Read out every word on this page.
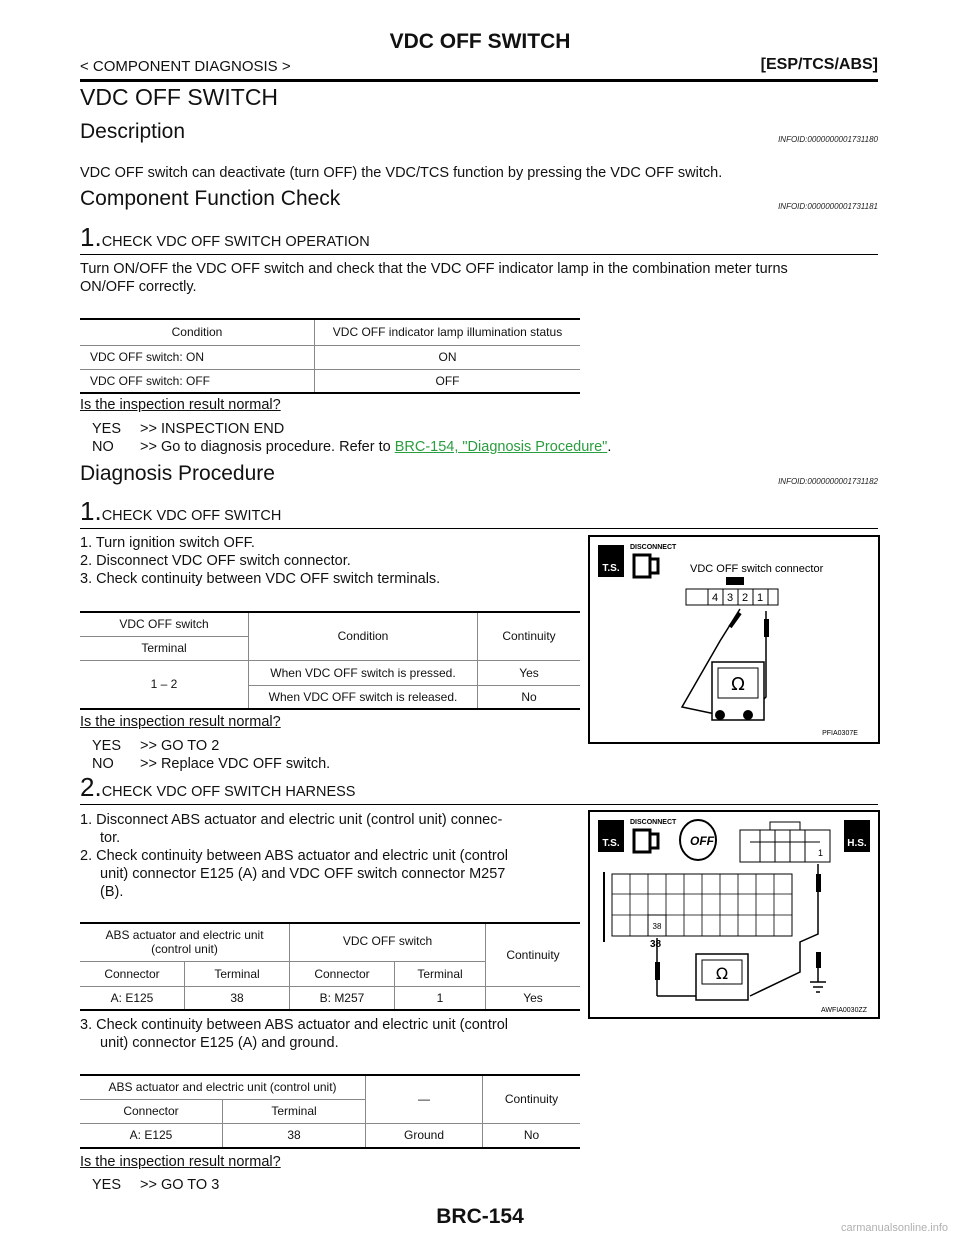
VDC OFF SWITCH
< COMPONENT DIAGNOSIS >	[ESP/TCS/ABS]
VDC OFF SWITCH
Description	INFOID:0000000001731180
VDC OFF switch can deactivate (turn OFF) the VDC/TCS function by pressing the VDC OFF switch.
Component Function Check	INFOID:0000000001731181
1.CHECK VDC OFF SWITCH OPERATION
Turn ON/OFF the VDC OFF switch and check that the VDC OFF indicator lamp in the combination meter turns
ON/OFF correctly.
Condition	VDC OFF indicator lamp illumination status
VDC OFF switch: ON	ON
VDC OFF switch: OFF	OFF
Is the inspection result normal?
YES >> INSPECTION END
NO >> Go to diagnosis procedure. Refer to BRC-154, "Diagnosis Procedure".
Diagnosis Procedure	INFOID:0000000001731182
1.CHECK VDC OFF SWITCH
1. Turn ignition switch OFF.
2. Disconnect VDC OFF switch connector.
3. Check continuity between VDC OFF switch terminals.
VDC OFF switch	Condition	Continuity
Terminal		
1 – 2	When VDC OFF switch is pressed.	Yes
	When VDC OFF switch is released.	No
Is the inspection result normal?
YES >> GO TO 2
NO >> Replace VDC OFF switch.
T.S.
DISCONNECT
VDC OFF switch connector
4 3 2 1
Ω
PFIA0307E
2.CHECK VDC OFF SWITCH HARNESS
1. Disconnect ABS actuator and electric unit (control unit) connec-
tor.
2. Check continuity between ABS actuator and electric unit (control
unit) connector E125 (A) and VDC OFF switch connector M257
(B).
ABS actuator and electric unit (control unit)		VDC OFF switch		Continuity
Connector	Terminal	Connector	Terminal	
A: E125	38	B: M257	1	Yes
3. Check continuity between ABS actuator and electric unit (control
unit) connector E125 (A) and ground.
ABS actuator and electric unit (control unit)		—	Continuity
Connector	Terminal		
A: E125	38	Ground	No
Is the inspection result normal?
YES >> GO TO 3
T.S.
DISCONNECT
OFF	H.S.
1
38
38
Ω
AWFIA0030ZZ
BRC-154	carmanualsonline.info
